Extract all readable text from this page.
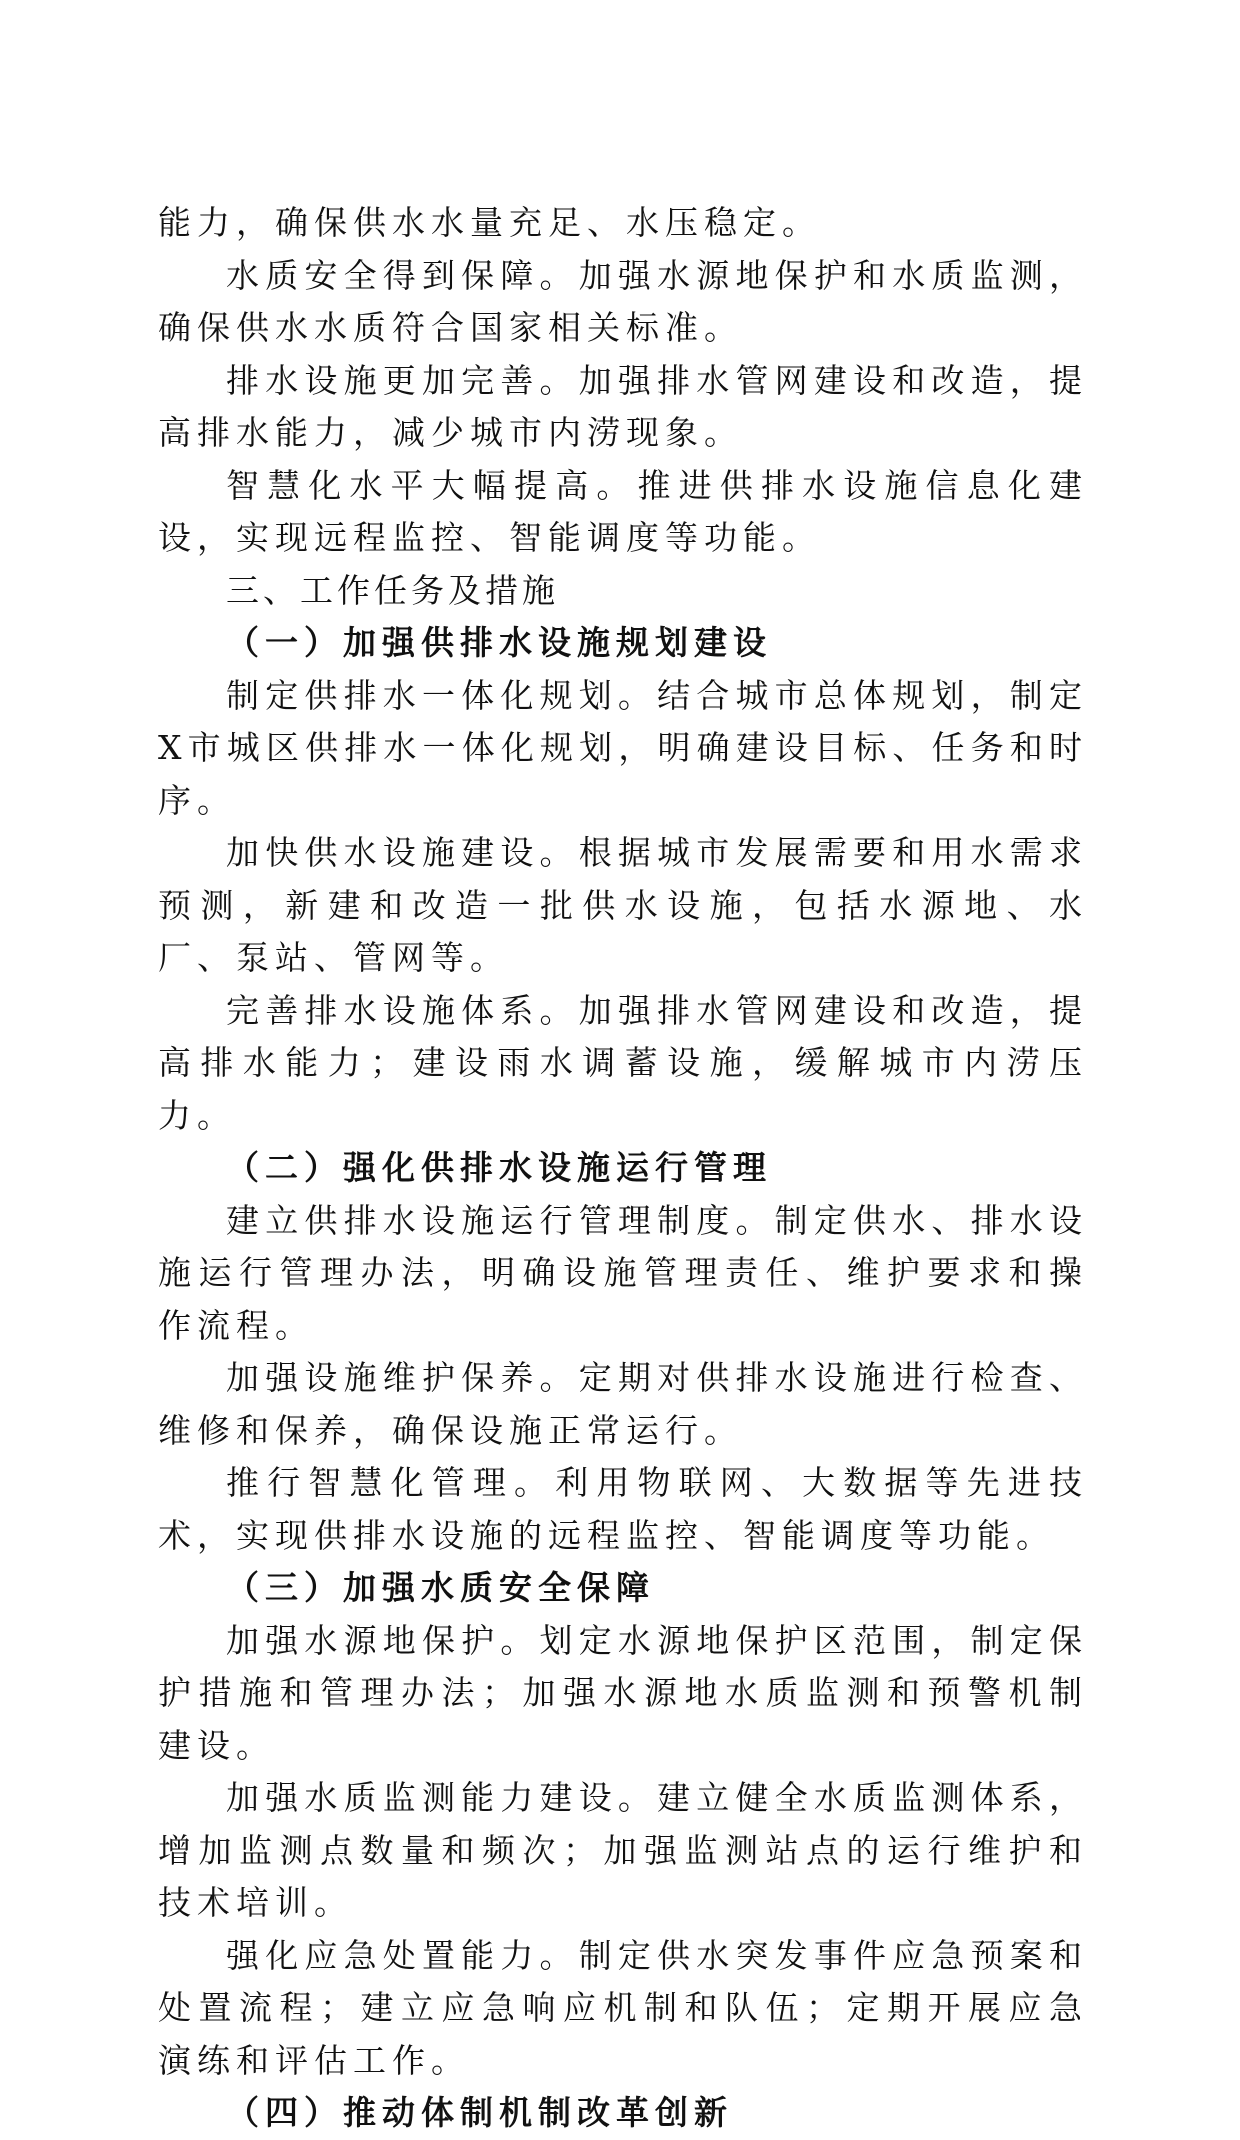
能力，确保供水水量充足、水压稳定。

水质安全得到保障。加强水源地保护和水质监测，确保供水水质符合国家相关标准。

排水设施更加完善。加强排水管网建设和改造，提高排水能力，减少城市内涝现象。

智慧化水平大幅提高。推进供排水设施信息化建设，实现远程监控、智能调度等功能。

三、工作任务及措施
（一）加强供排水设施规划建设

制定供排水一体化规划。结合城市总体规划，制定X市城区供排水一体化规划，明确建设目标、任务和时序。

加快供水设施建设。根据城市发展需要和用水需求预测，新建和改造一批供水设施，包括水源地、水厂、泵站、管网等。

完善排水设施体系。加强排水管网建设和改造，提高排水能力；建设雨水调蓄设施，缓解城市内涝压力。

（二）强化供排水设施运行管理

建立供排水设施运行管理制度。制定供水、排水设施运行管理办法，明确设施管理责任、维护要求和操作流程。

加强设施维护保养。定期对供排水设施进行检查、维修和保养，确保设施正常运行。

推行智慧化管理。利用物联网、大数据等先进技术，实现供排水设施的远程监控、智能调度等功能。

（三）加强水质安全保障

加强水源地保护。划定水源地保护区范围，制定保护措施和管理办法；加强水源地水质监测和预警机制建设。

加强水质监测能力建设。建立健全水质监测体系，增加监测点数量和频次；加强监测站点的运行维护和技术培训。

强化应急处置能力。制定供水突发事件应急预案和处置流程；建立应急响应机制和队伍；定期开展应急演练和评估工作。

（四）推动体制机制改革创新
